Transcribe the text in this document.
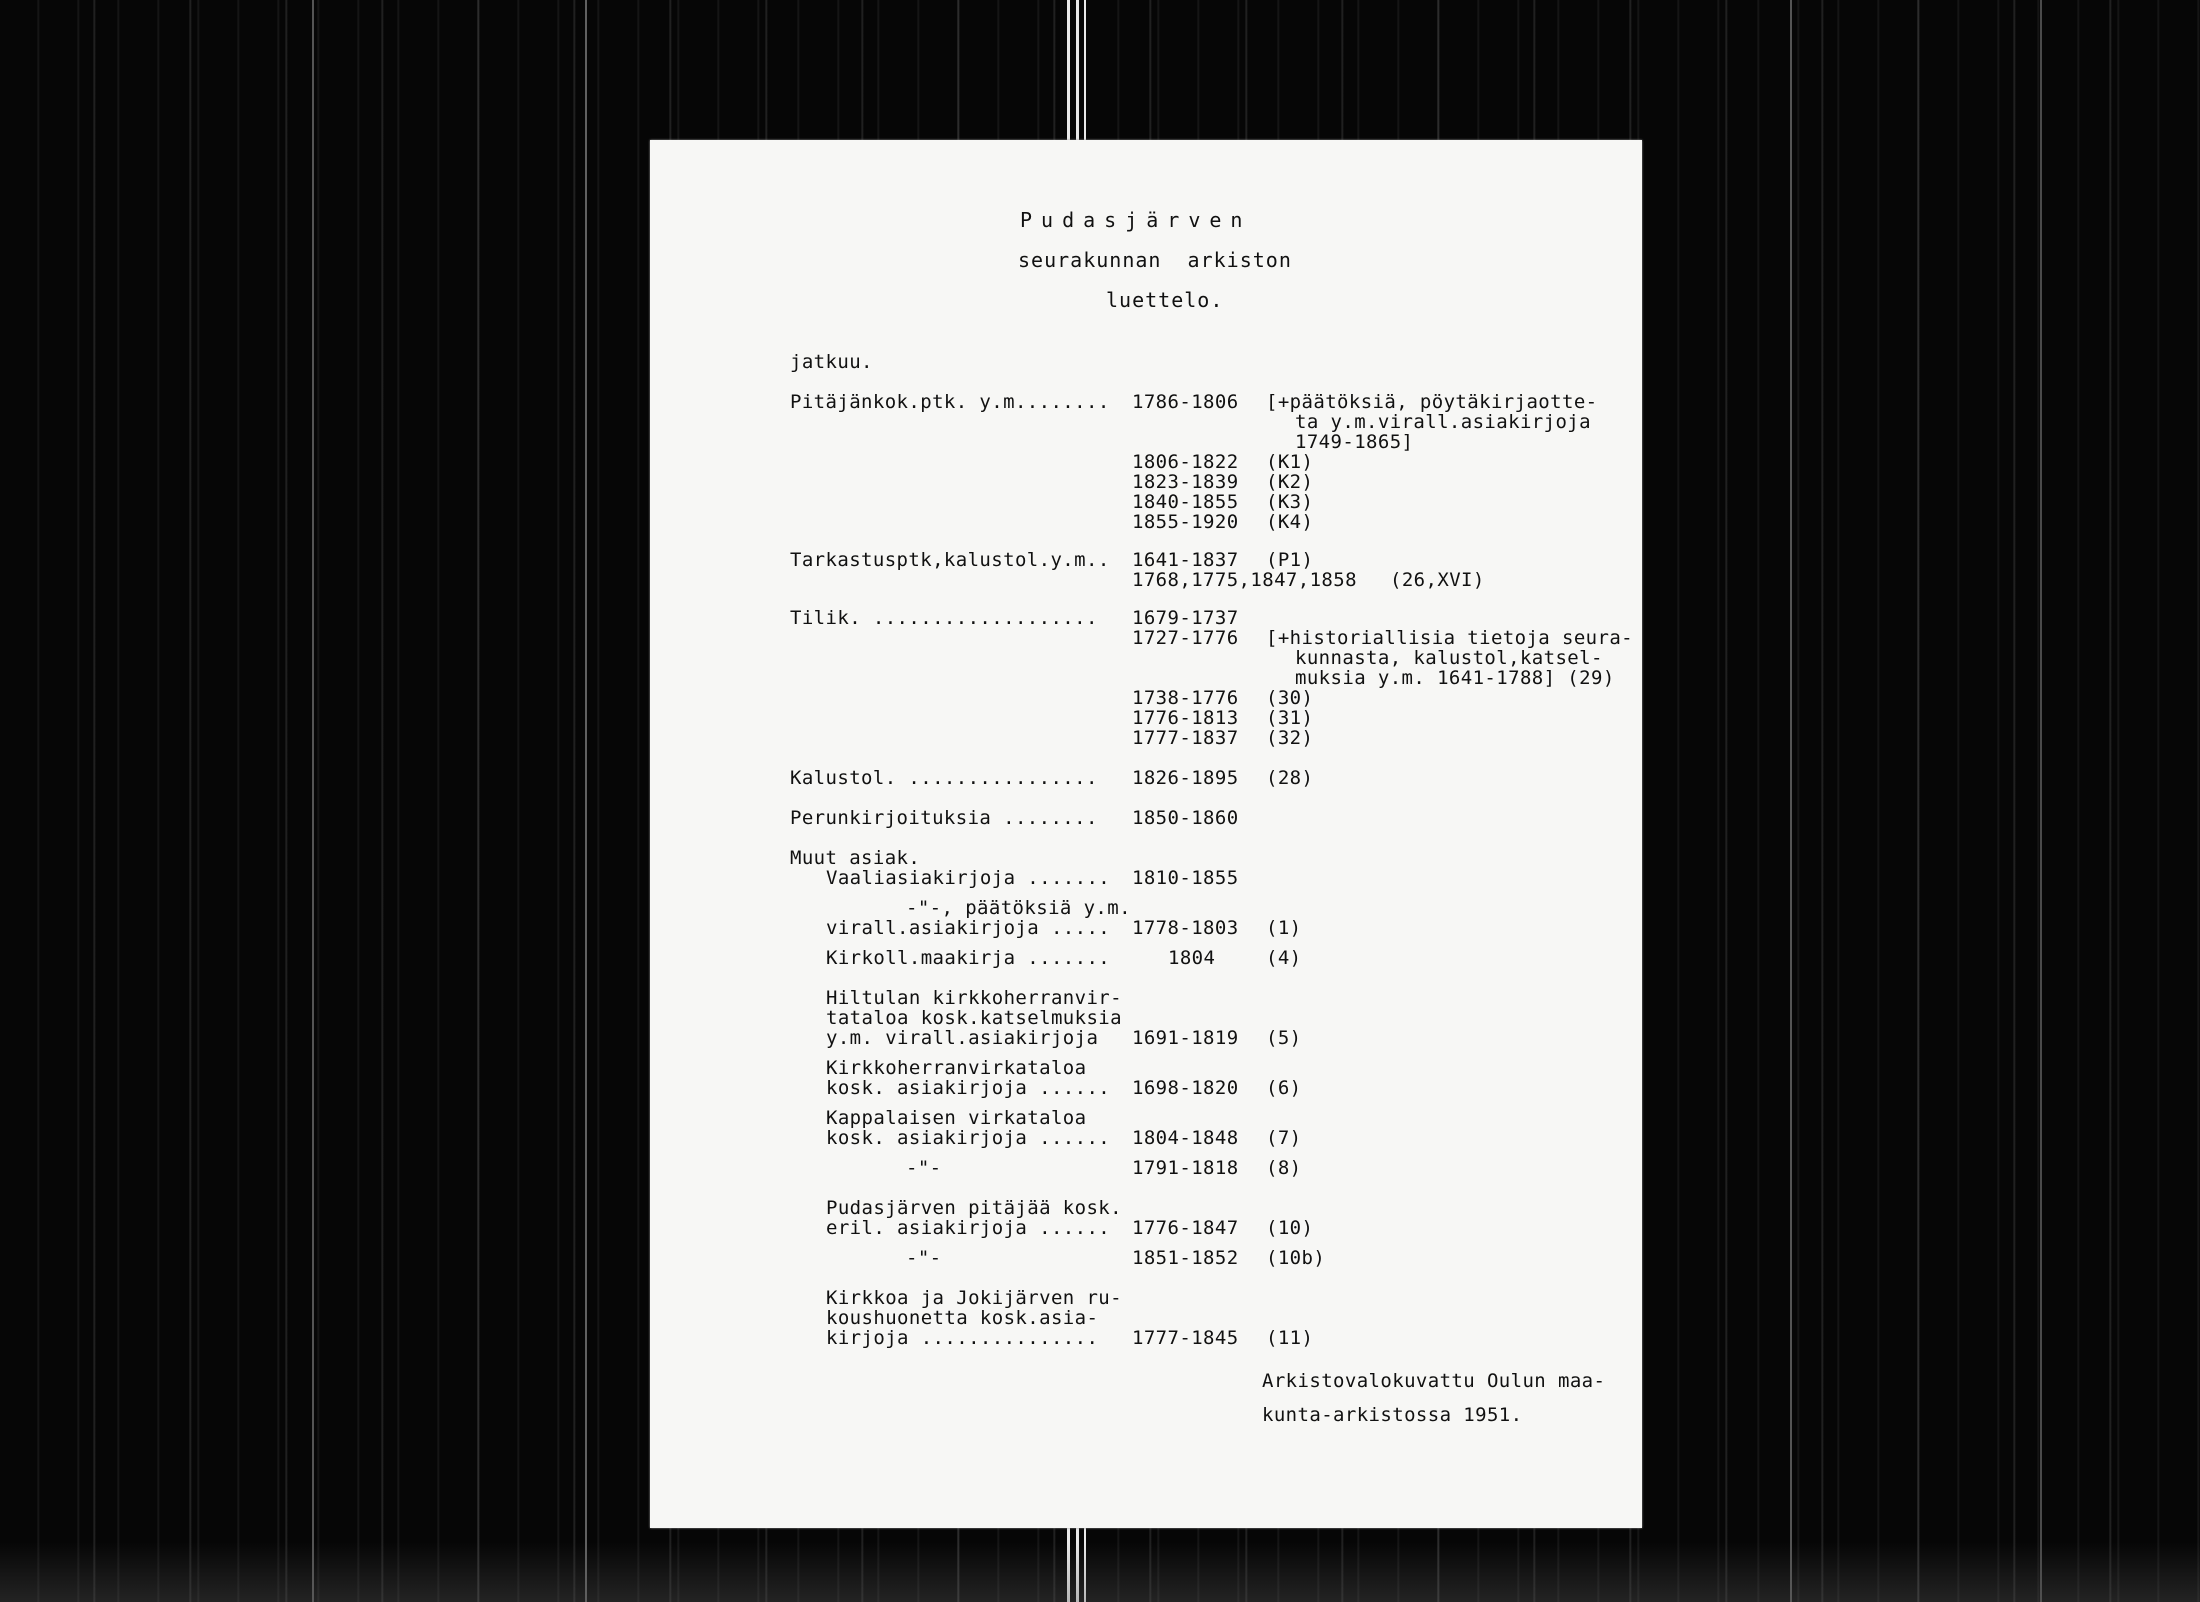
Pudasjärven
seurakunnan  arkiston
luettelo.
jatkuu.
Pitäjänkok.ptk. y.m........ 1786-1806 [+päätöksiä, pöytäkirjaotte-
ta y.m.virall.asiakirjoja
1749-1865]
1806-1822 (K1)
1823-1839 (K2)
1840-1855 (K3)
1855-1920 (K4)
Tarkastusptk,kalustol.y.m.. 1641-1837 (P1)
1768,1775,1847,1858 (26,XVI)
Tilik. ................... 1679-1737
1727-1776 [+historiallisia tietoja seura-
kunnasta, kalustol,katsel-
muksia y.m. 1641-1788] (29)
1738-1776 (30)
1776-1813 (31)
1777-1837 (32)
Kalustol. ................ 1826-1895 (28)
Perunkirjoituksia ........ 1850-1860
Muut asiak.
Vaaliasiakirjoja ....... 1810-1855
-"-, päätöksiä y.m.
virall.asiakirjoja ..... 1778-1803 (1)
Kirkoll.maakirja .......	1804	(4)
Hiltulan kirkkoherranvir-
tataloa kosk.katselmuksia
y.m. virall.asiakirjoja 1691-1819 (5)
Kirkkoherranvirkataloa
kosk. asiakirjoja ...... 1698-1820 (6)
Kappalaisen virkataloa
kosk. asiakirjoja ...... 1804-1848 (7)
-"-	1791-1818 (8)
Pudasjärven pitäjää kosk.
eril. asiakirjoja ...... 1776-1847 (10)
-"-	1851-1852 (10b)
Kirkkoa ja Jokijärven ru-
koushuonetta kosk.asia-
kirjoja ............... 1777-1845 (11)
Arkistovalokuvattu Oulun maa-
kunta-arkistossa 1951.
